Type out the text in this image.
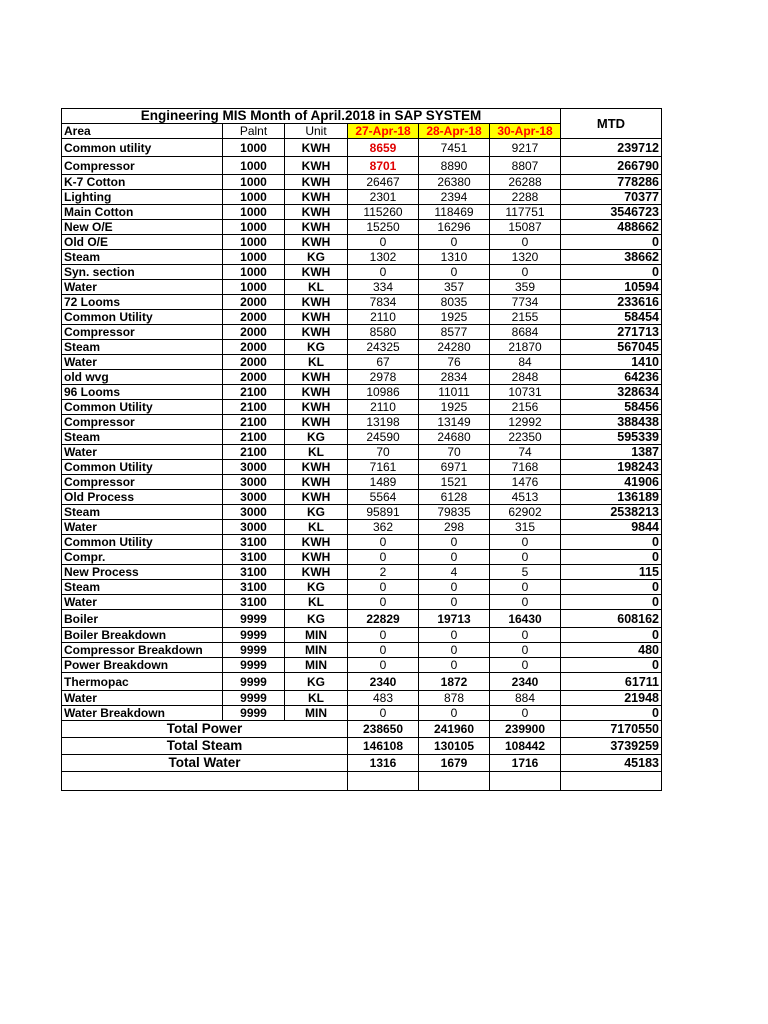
Engineering MIS Month of April.2018 in SAP SYSTEM						MTD
Area	Palnt	Unit	27-Apr-18	28-Apr-18	30-Apr-18	
Common utility	1000	KWH	8659	7451	9217	239712
Compressor	1000	KWH	8701	8890	8807	266790
K-7 Cotton	1000	KWH	26467	26380	26288	778286
Lighting	1000	KWH	2301	2394	2288	70377
Main Cotton	1000	KWH	115260	118469	117751	3546723
New O/E	1000	KWH	15250	16296	15087	488662
Old O/E	1000	KWH	0	0	0	0
Steam	1000	KG	1302	1310	1320	38662
Syn. section	1000	KWH	0	0	0	0
Water	1000	KL	334	357	359	10594
72 Looms	2000	KWH	7834	8035	7734	233616
Common Utility	2000	KWH	2110	1925	2155	58454
Compressor	2000	KWH	8580	8577	8684	271713
Steam	2000	KG	24325	24280	21870	567045
Water	2000	KL	67	76	84	1410
old wvg	2000	KWH	2978	2834	2848	64236
96 Looms	2100	KWH	10986	11011	10731	328634
Common Utility	2100	KWH	2110	1925	2156	58456
Compressor	2100	KWH	13198	13149	12992	388438
Steam	2100	KG	24590	24680	22350	595339
Water	2100	KL	70	70	74	1387
Common Utility	3000	KWH	7161	6971	7168	198243
Compressor	3000	KWH	1489	1521	1476	41906
Old Process	3000	KWH	5564	6128	4513	136189
Steam	3000	KG	95891	79835	62902	2538213
Water	3000	KL	362	298	315	9844
Common Utility	3100	KWH	0	0	0	0
Compr.	3100	KWH	0	0	0	0
New Process	3100	KWH	2	4	5	115
Steam	3100	KG	0	0	0	0
Water	3100	KL	0	0	0	0
Boiler	9999	KG	22829	19713	16430	608162
Boiler Breakdown	9999	MIN	0	0	0	0
Compressor Breakdown	9999	MIN	0	0	0	480
Power Breakdown	9999	MIN	0	0	0	0
Thermopac	9999	KG	2340	1872	2340	61711
Water	9999	KL	483	878	884	21948
Water Breakdown	9999	MIN	0	0	0	0
Total Power			238650	241960	239900	7170550
Total Steam			146108	130105	108442	3739259
Total Water			1316	1679	1716	45183
